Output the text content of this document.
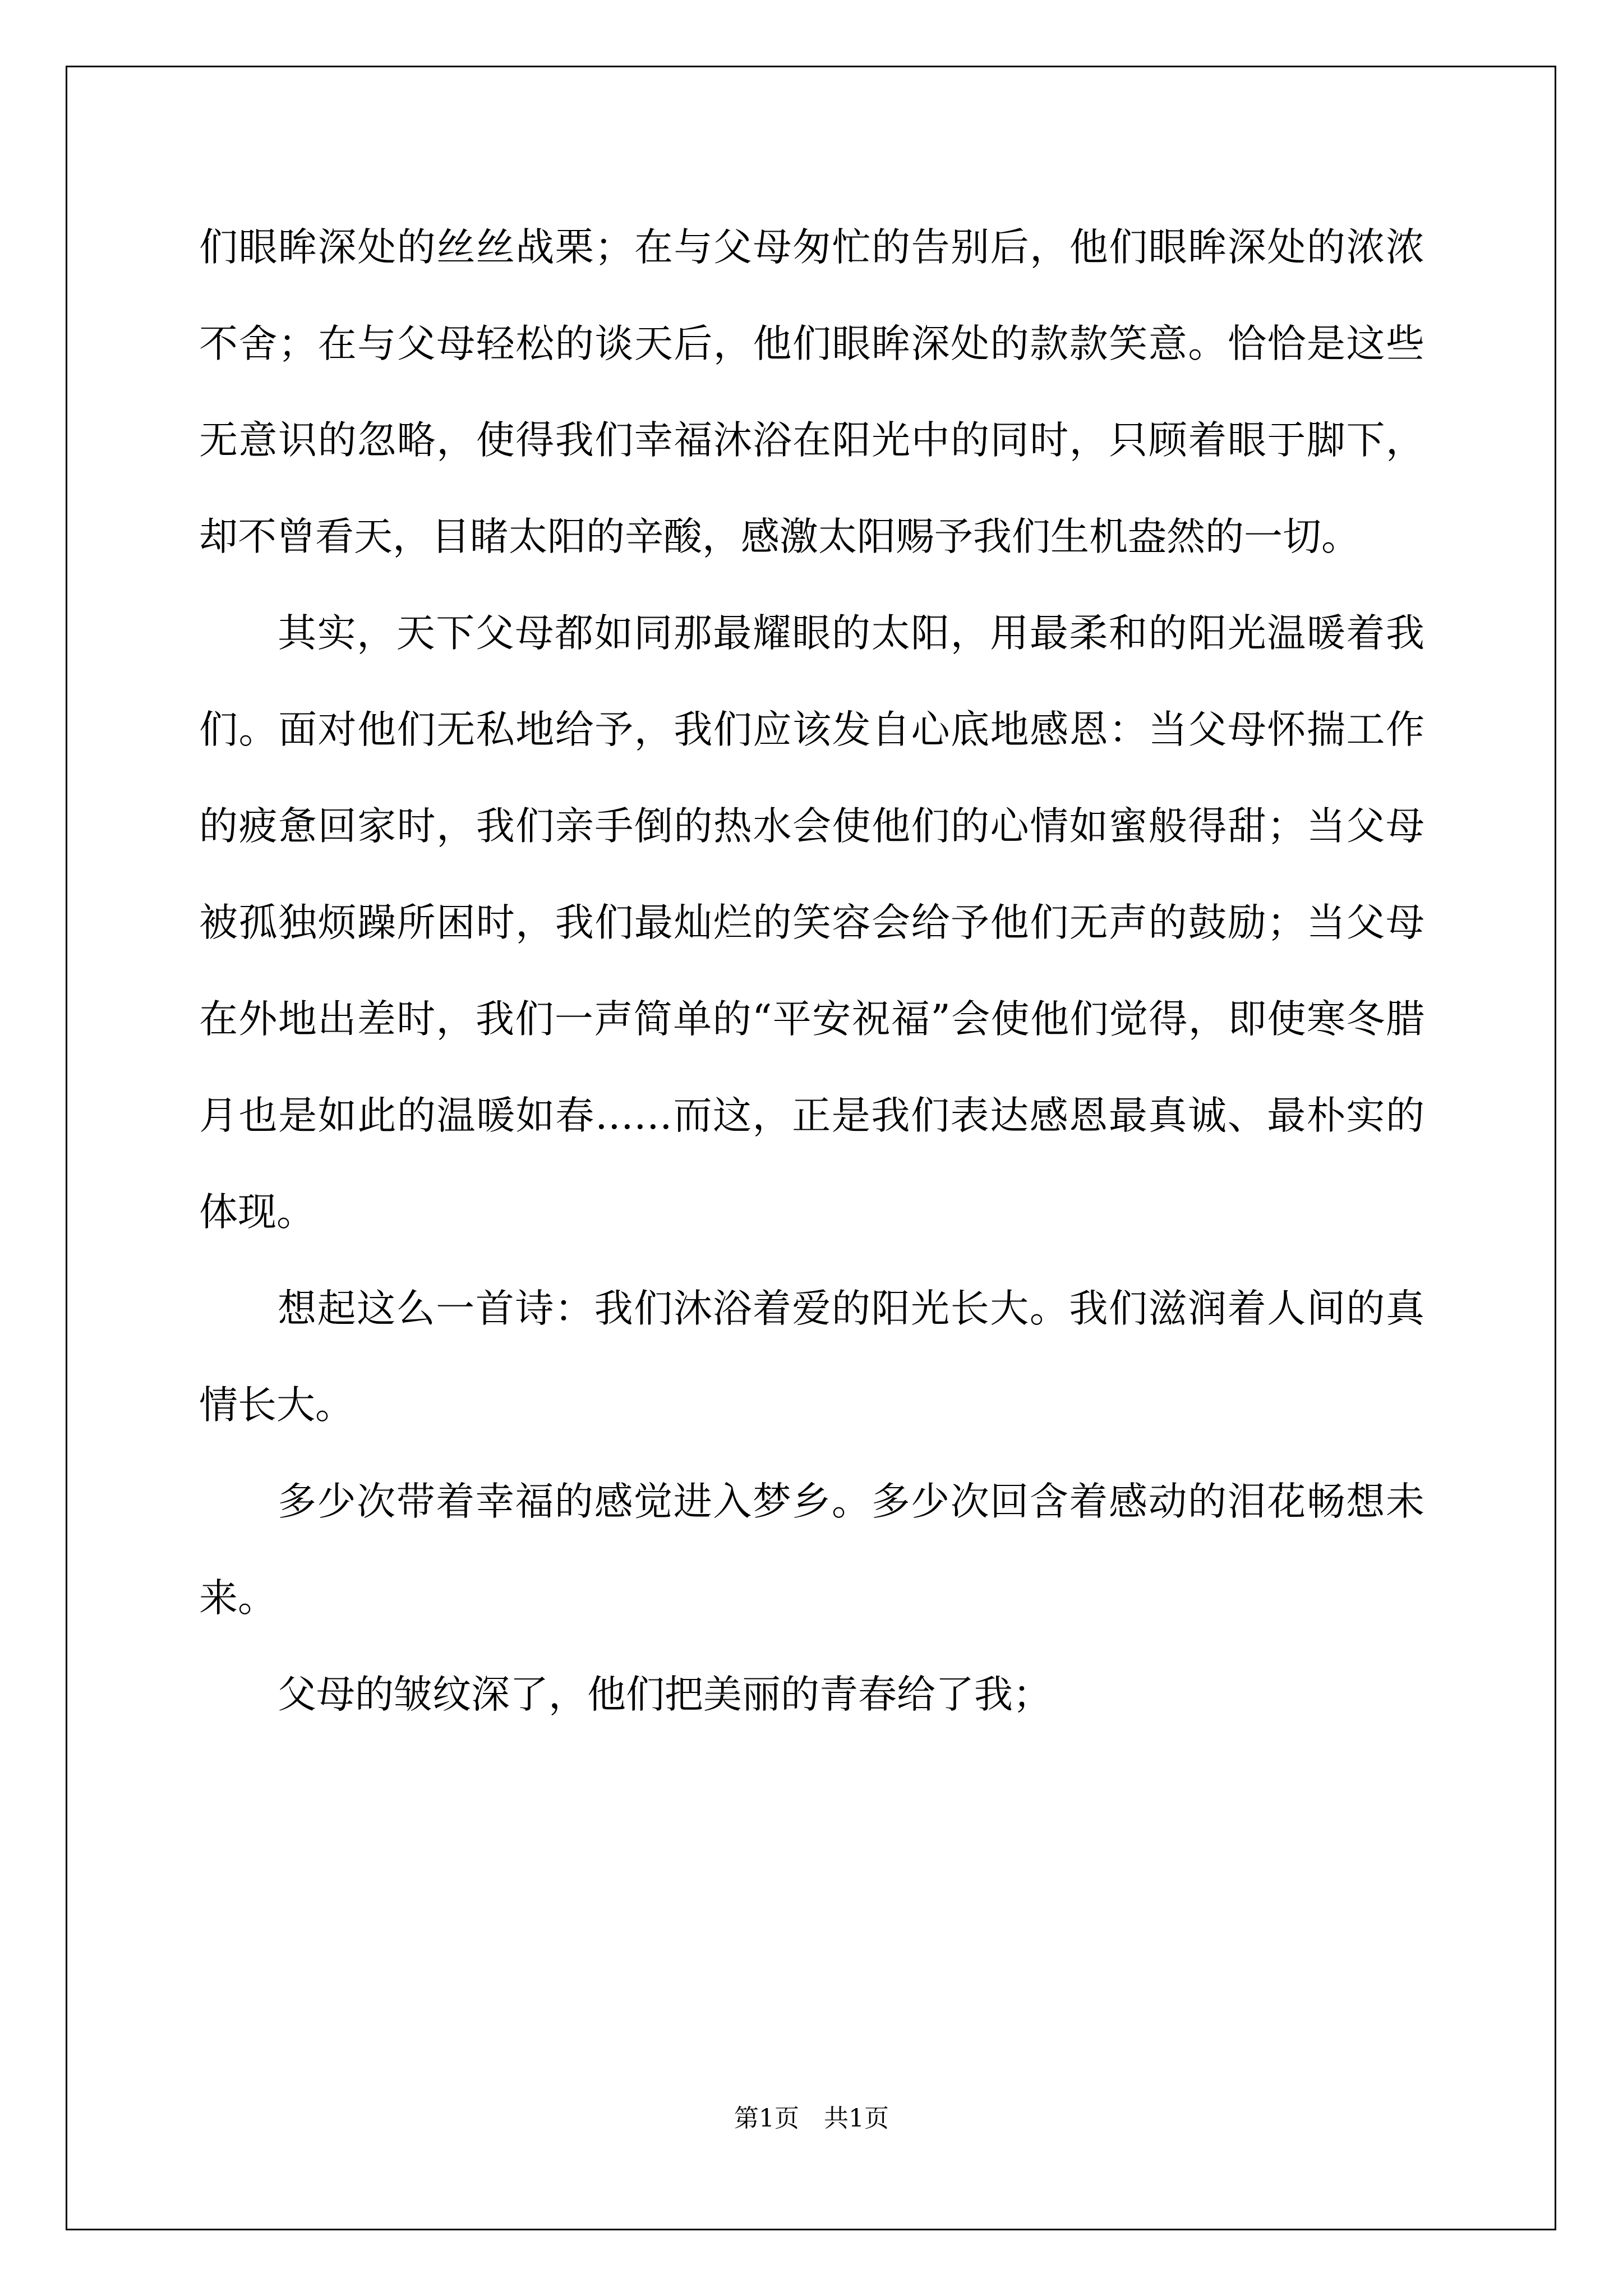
们眼眸深处的丝丝战栗；在与父母匆忙的告别后，他们眼眸深处的浓浓不舍；在与父母轻松的谈天后，他们眼眸深处的款款笑意。恰恰是这些无意识的忽略，使得我们幸福沐浴在阳光中的同时，只顾着眼于脚下，却不曾看天，目睹太阳的辛酸，感激太阳赐予我们生机盎然的一切。

其实，天下父母都如同那最耀眼的太阳，用最柔和的阳光温暖着我们。面对他们无私地给予，我们应该发自心底地感恩：当父母怀揣工作的疲惫回家时，我们亲手倒的热水会使他们的心情如蜜般得甜；当父母被孤独烦躁所困时，我们最灿烂的笑容会给予他们无声的鼓励；当父母在外地出差时，我们一声简单的“平安祝福”会使他们觉得，即使寒冬腊月也是如此的温暖如春……而这，正是我们表达感恩最真诚、最朴实的体现。

想起这么一首诗：我们沐浴着爱的阳光长大。我们滋润着人间的真情长大。

多少次带着幸福的感觉进入梦乡。多少次回含着感动的泪花畅想未来。

父母的皱纹深了，他们把美丽的青春给了我；

第1页　共1页
